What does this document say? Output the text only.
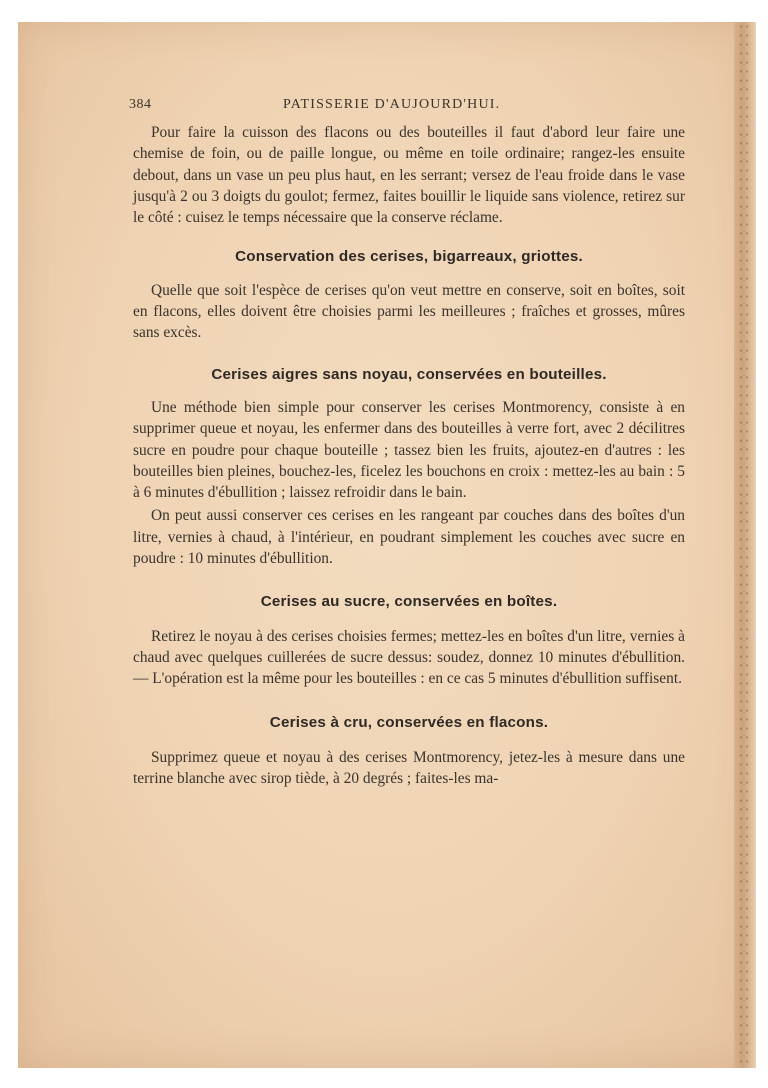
384	PATISSERIE D'AUJOURD'HUI.

Pour faire la cuisson des flacons ou des bouteilles il faut d'abord leur faire une chemise de foin, ou de paille longue, ou même en toile ordinaire; rangez-les ensuite debout, dans un vase un peu plus haut, en les serrant; versez de l'eau froide dans le vase jusqu'à 2 ou 3 doigts du goulot; fermez, faites bouillir le liquide sans violence, retirez sur le côté : cuisez le temps nécessaire que la conserve réclame.

Conservation des cerises, bigarreaux, griottes.

Quelle que soit l'espèce de cerises qu'on veut mettre en conserve, soit en boîtes, soit en flacons, elles doivent être choisies parmi les meilleures ; fraîches et grosses, mûres sans excès.

Cerises aigres sans noyau, conservées en bouteilles.

Une méthode bien simple pour conserver les cerises Montmorency, consiste à en supprimer queue et noyau, les enfermer dans des bouteilles à verre fort, avec 2 décilitres sucre en poudre pour chaque bouteille ; tassez bien les fruits, ajoutez-en d'autres : les bouteilles bien pleines, bouchez-les, ficelez les bouchons en croix : mettez-les au bain : 5 à 6 minutes d'ébullition ; laissez refroidir dans le bain.

On peut aussi conserver ces cerises en les rangeant par couches dans des boîtes d'un litre, vernies à chaud, à l'intérieur, en poudrant simplement les couches avec sucre en poudre : 10 minutes d'ébullition.

Cerises au sucre, conservées en boîtes.

Retirez le noyau à des cerises choisies fermes; mettez-les en boîtes d'un litre, vernies à chaud avec quelques cuillerées de sucre dessus: soudez, donnez 10 minutes d'ébullition. — L'opération est la même pour les bouteilles : en ce cas 5 minutes d'ébullition suffisent.

Cerises à cru, conservées en flacons.

Supprimez queue et noyau à des cerises Montmorency, jetez-les à mesure dans une terrine blanche avec sirop tiède, à 20 degrés ; faites-les ma-
